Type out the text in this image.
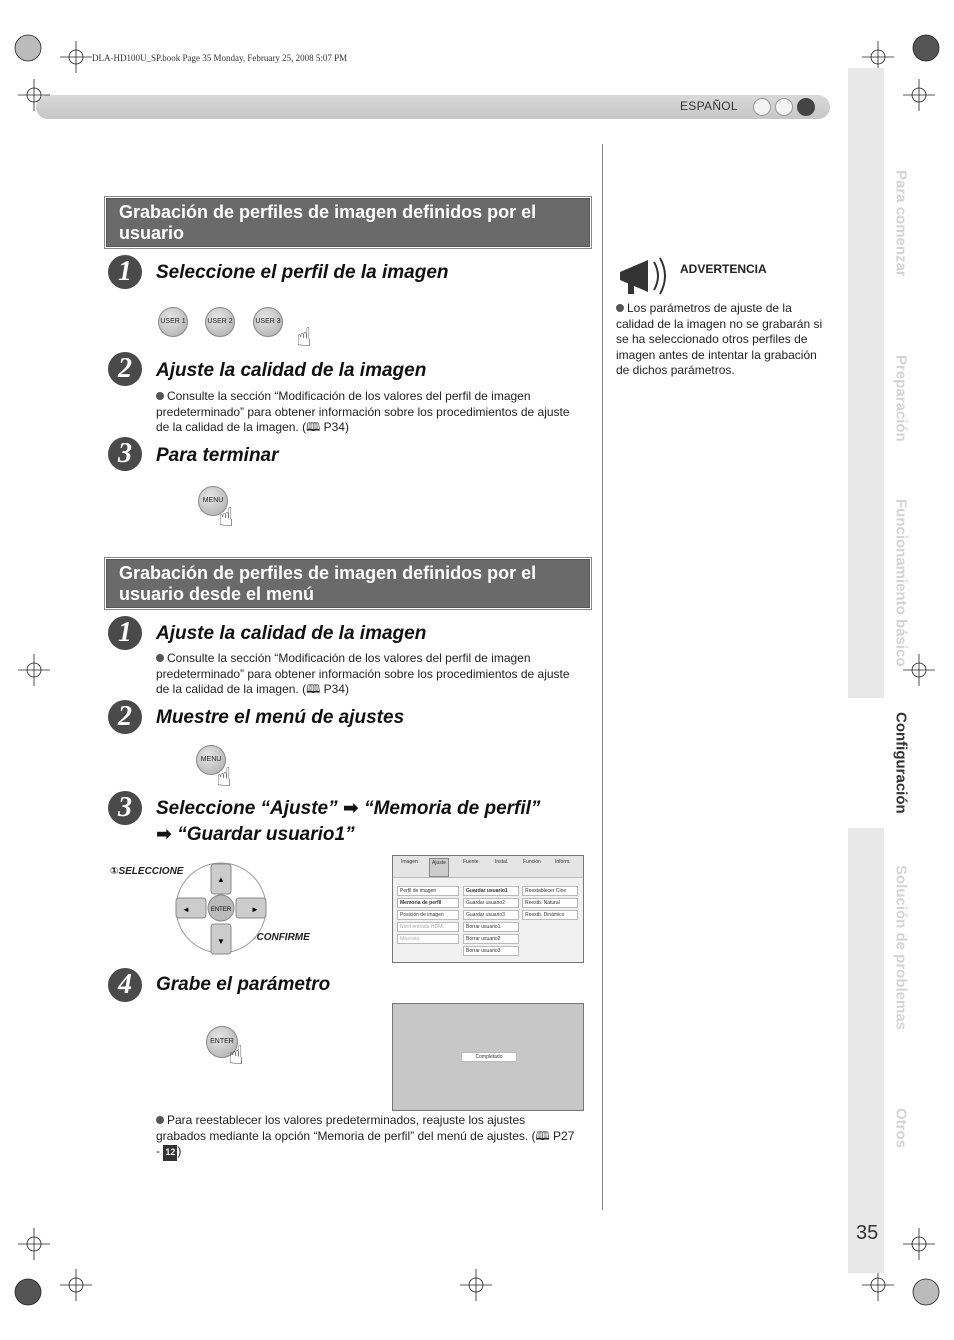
DLA-HD100U_SP.book Page 35 Monday, February 25, 2008 5:07 PM
ESPAÑOL
Grabación de perfiles de imagen definidos por el usuario
1	Seleccione el perfil de la imagen
USER 1	USER 2	USER 3
☝
2	Ajuste la calidad de la imagen
Consulte la sección “Modificación de los valores del perfil de imagen predeterminado” para obtener información sobre los procedimientos de ajuste de la calidad de la imagen. (🕮 P34)
3	Para terminar
MENU
☝
Grabación de perfiles de imagen definidos por el usuario desde el menú
1	Ajuste la calidad de la imagen
Consulte la sección “Modificación de los valores del perfil de imagen predeterminado” para obtener información sobre los procedimientos de ajuste de la calidad de la imagen. (🕮 P34)
2	Muestre el menú de ajustes
MENU
☝
3	Seleccione “Ajuste” ➡ “Memoria de perfil”
➡ “Guardar usuario1”
①SELECCIONE
CONFIRME
ENTER
▲
▼
◄	►
Imagen	Ajuste	Fuente	Instal.	Función	Inform.
Perfil de imagen
Memoria de perfil
Posición de imagen
Nivel entrada HDMI
Máscara
Guardar usuario1
Guardar usuario2
Guardar usuario3
Borrar usuario1
Borrar usuario2
Borrar usuario3
Reestablecer Cine
Reestb. Natural
Reestb. Dinámico
4	Grabe el parámetro
ENTER
☝	Completado
Para reestablecer los valores predeterminados, reajuste los ajustes grabados mediante la opción “Memoria de perfil” del menú de ajustes. (🕮 P27 - 12 )
ADVERTENCIA
Los parámetros de ajuste de la calidad de la imagen no se grabarán si se ha seleccionado otros perfiles de imagen antes de intentar la grabación de dichos parámetros.
Para comenzar
Preparación
Funcionamiento básico
Configuración
Solución de problemas
Otros
35
